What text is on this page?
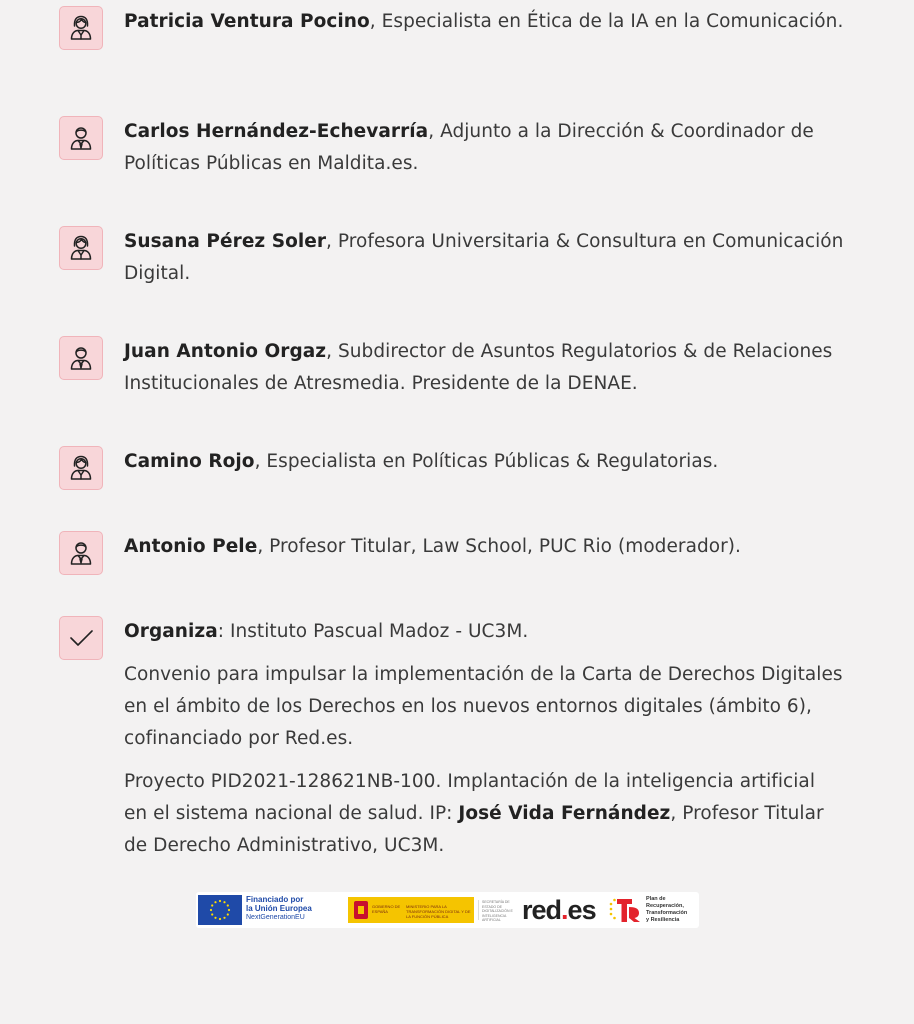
Patricia Ventura Pocino, Especialista en Ética de la IA en la Comunicación.
Carlos Hernández-Echevarría, Adjunto a la Dirección & Coordinador de Políticas Públicas en Maldita.es.
Susana Pérez Soler, Profesora Universitaria & Consultura en Comunicación Digital.
Juan Antonio Orgaz, Subdirector de Asuntos Regulatorios & de Relaciones Institucionales de Atresmedia. Presidente de la DENAE.
Camino Rojo, Especialista en Políticas Públicas & Regulatorias.
Antonio Pele, Profesor Titular, Law School, PUC Rio (moderador).

Organiza: Instituto Pascual Madoz - UC3M.

Convenio para impulsar la implementación de la Carta de Derechos Digitales en el ámbito de los Derechos en los nuevos entornos digitales (ámbito 6), cofinanciado por Red.es.

Proyecto PID2021-128621NB-100. Implantación de la inteligencia artificial en el sistema nacional de salud. IP: José Vida Fernández, Profesor Titular de Derecho Administrativo, UC3M.

Financiado por
la Unión Europea
NextGenerationEU
GOBIERNO DE ESPAÑA
MINISTERIO PARA LA TRANSFORMACIÓN DIGITAL Y DE LA FUNCIÓN PÚBLICA
SECRETARÍA DE ESTADO DE DIGITALIZACIÓN E INTELIGENCIA ARTIFICIAL red.es	Plan de
Recuperación,
Transformación
y Resiliencia
